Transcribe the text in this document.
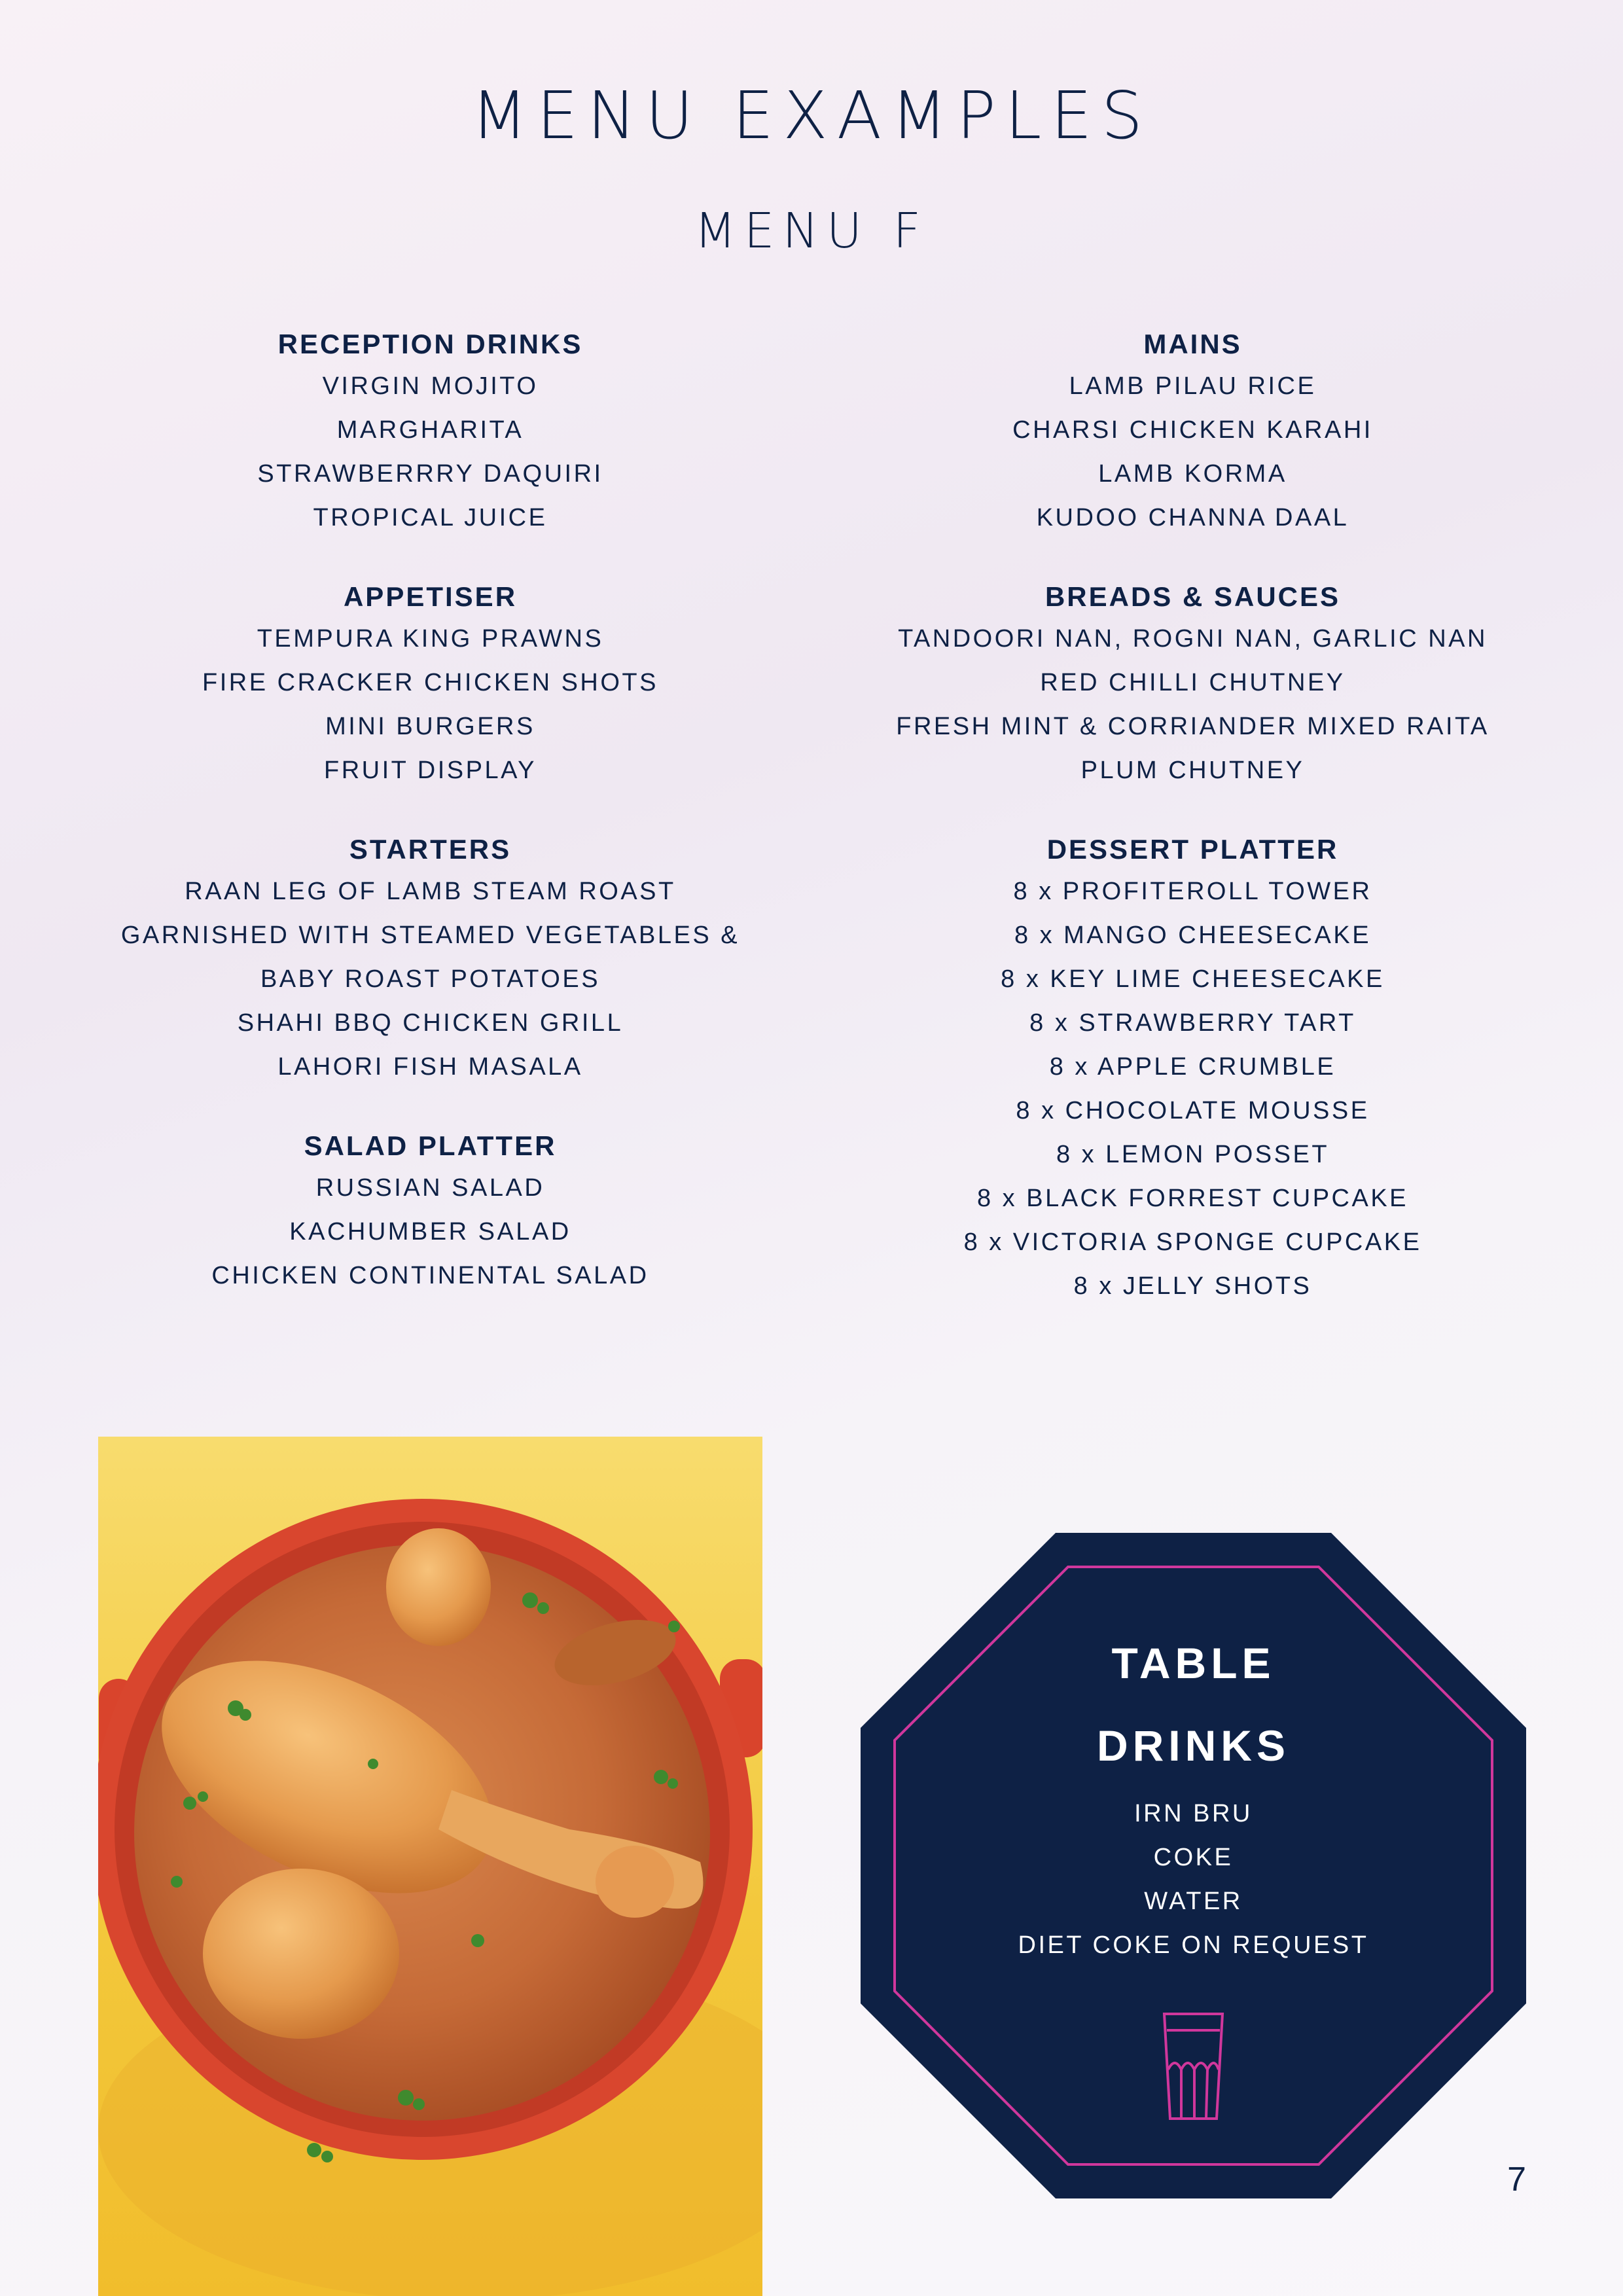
MENU EXAMPLES
MENU F
RECEPTION DRINKS
VIRGIN MOJITO
MARGHARITA
STRAWBERRRY DAQUIRI
TROPICAL JUICE
APPETISER
TEMPURA KING PRAWNS
FIRE CRACKER CHICKEN SHOTS
MINI BURGERS
FRUIT DISPLAY
STARTERS
RAAN LEG OF LAMB STEAM ROAST
GARNISHED WITH STEAMED VEGETABLES &
BABY ROAST POTATOES
SHAHI BBQ CHICKEN GRILL
LAHORI FISH MASALA
SALAD PLATTER
RUSSIAN SALAD
KACHUMBER SALAD
CHICKEN CONTINENTAL SALAD
MAINS
LAMB PILAU RICE
CHARSI CHICKEN KARAHI
LAMB KORMA
KUDOO CHANNA DAAL
BREADS & SAUCES
TANDOORI NAN, ROGNI NAN, GARLIC NAN
RED CHILLI CHUTNEY
FRESH MINT & CORRIANDER MIXED RAITA
PLUM CHUTNEY
DESSERT PLATTER
8 x PROFITEROLL TOWER
8 x MANGO CHEESECAKE
8 x KEY LIME CHEESECAKE
8 x STRAWBERRY TART
8 x APPLE CRUMBLE
8 x CHOCOLATE MOUSSE
8 x LEMON POSSET
8 x BLACK FORREST CUPCAKE
8 x VICTORIA SPONGE CUPCAKE
8 x JELLY SHOTS
TABLE
DRINKS
IRN BRU
COKE
WATER
DIET COKE ON REQUEST
7
